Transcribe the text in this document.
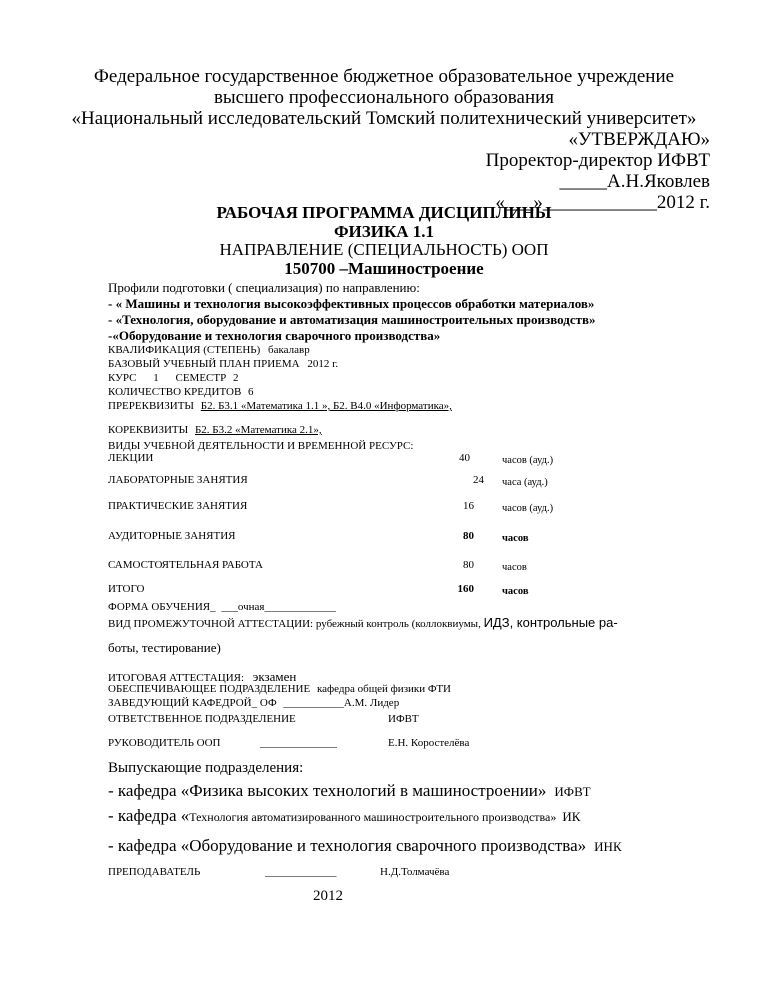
Федеральное государственное бюджетное образовательное учреждение
высшего профессионального образования
«Национальный исследовательский Томский политехнический университет»
«УТВЕРЖДАЮ»
Проректор-директор ИФВТ
_____А.Н.Яковлев
«___»____________2012 г.
РАБОЧАЯ ПРОГРАММА ДИСЦИПЛИНЫ
ФИЗИКА 1.1
НАПРАВЛЕНИЕ (СПЕЦИАЛЬНОСТЬ) ООП
150700 –Машиностроение
Профили подготовки ( специализация) по направлению:
- « Машины и технология высокоэффективных процессов обработки материалов»
- «Технология, оборудование и автоматизация машиностроительных производств»
-«Оборудование и технология сварочного производства»
КВАЛИФИКАЦИЯ (СТЕПЕНЬ) бакалавр
БАЗОВЫЙ УЧЕБНЫЙ ПЛАН ПРИЕМА 2012 г.
КУРС 1 СЕМЕСТР 2
КОЛИЧЕСТВО КРЕДИТОВ 6
ПРЕРЕКВИЗИТЫ Б2. Б3.1 «Математика 1.1 », Б2. В4.0 «Информатика»,
КОРЕКВИЗИТЫ Б2. Б3.2 «Математика 2.1»,
ВИДЫ УЧЕБНОЙ ДЕЯТЕЛЬНОСТИ И ВРЕМЕННОЙ РЕСУРС:
ЛЕКЦИИ	40	часов (ауд.)
ЛАБОРАТОРНЫЕ ЗАНЯТИЯ	24 часа (ауд.)
ПРАКТИЧЕСКИЕ ЗАНЯТИЯ	16	часов (ауд.)
АУДИТОРНЫЕ ЗАНЯТИЯ	80	часов
САМОСТОЯТЕЛЬНАЯ РАБОТА	80	часов
ИТОГО	160	часов
ФОРМА ОБУЧЕНИЯ_ ___очная_____________
ВИД ПРОМЕЖУТОЧНОЙ АТТЕСТАЦИИ: рубежный контроль (коллоквиумы, ИДЗ, контрольные ра-
боты, тестирование)
ИТОГОВАЯ АТТЕСТАЦИЯ: экзамен
ОБЕСПЕЧИВАЮЩЕЕ ПОДРАЗДЕЛЕНИЕ кафедра общей физики ФТИ
ЗАВЕДУЮЩИЙ КАФЕДРОЙ_ ОФ ___________А.М. Лидер
ОТВЕТСТВЕННОЕ ПОДРАЗДЕЛЕНИЕ	ИФВТ
РУКОВОДИТЕЛЬ ООП	______________	Е.Н. Коростелёва
Выпускающие подразделения:
- кафедра «Физика высоких технологий в машиностроении» ИФВТ
- кафедра «Технология автоматизированного машиностроительного производства» ИК
- кафедра «Оборудование и технология сварочного производства» ИНК
ПРЕПОДАВАТЕЛЬ	_____________	Н.Д.Толмачёва
2012
